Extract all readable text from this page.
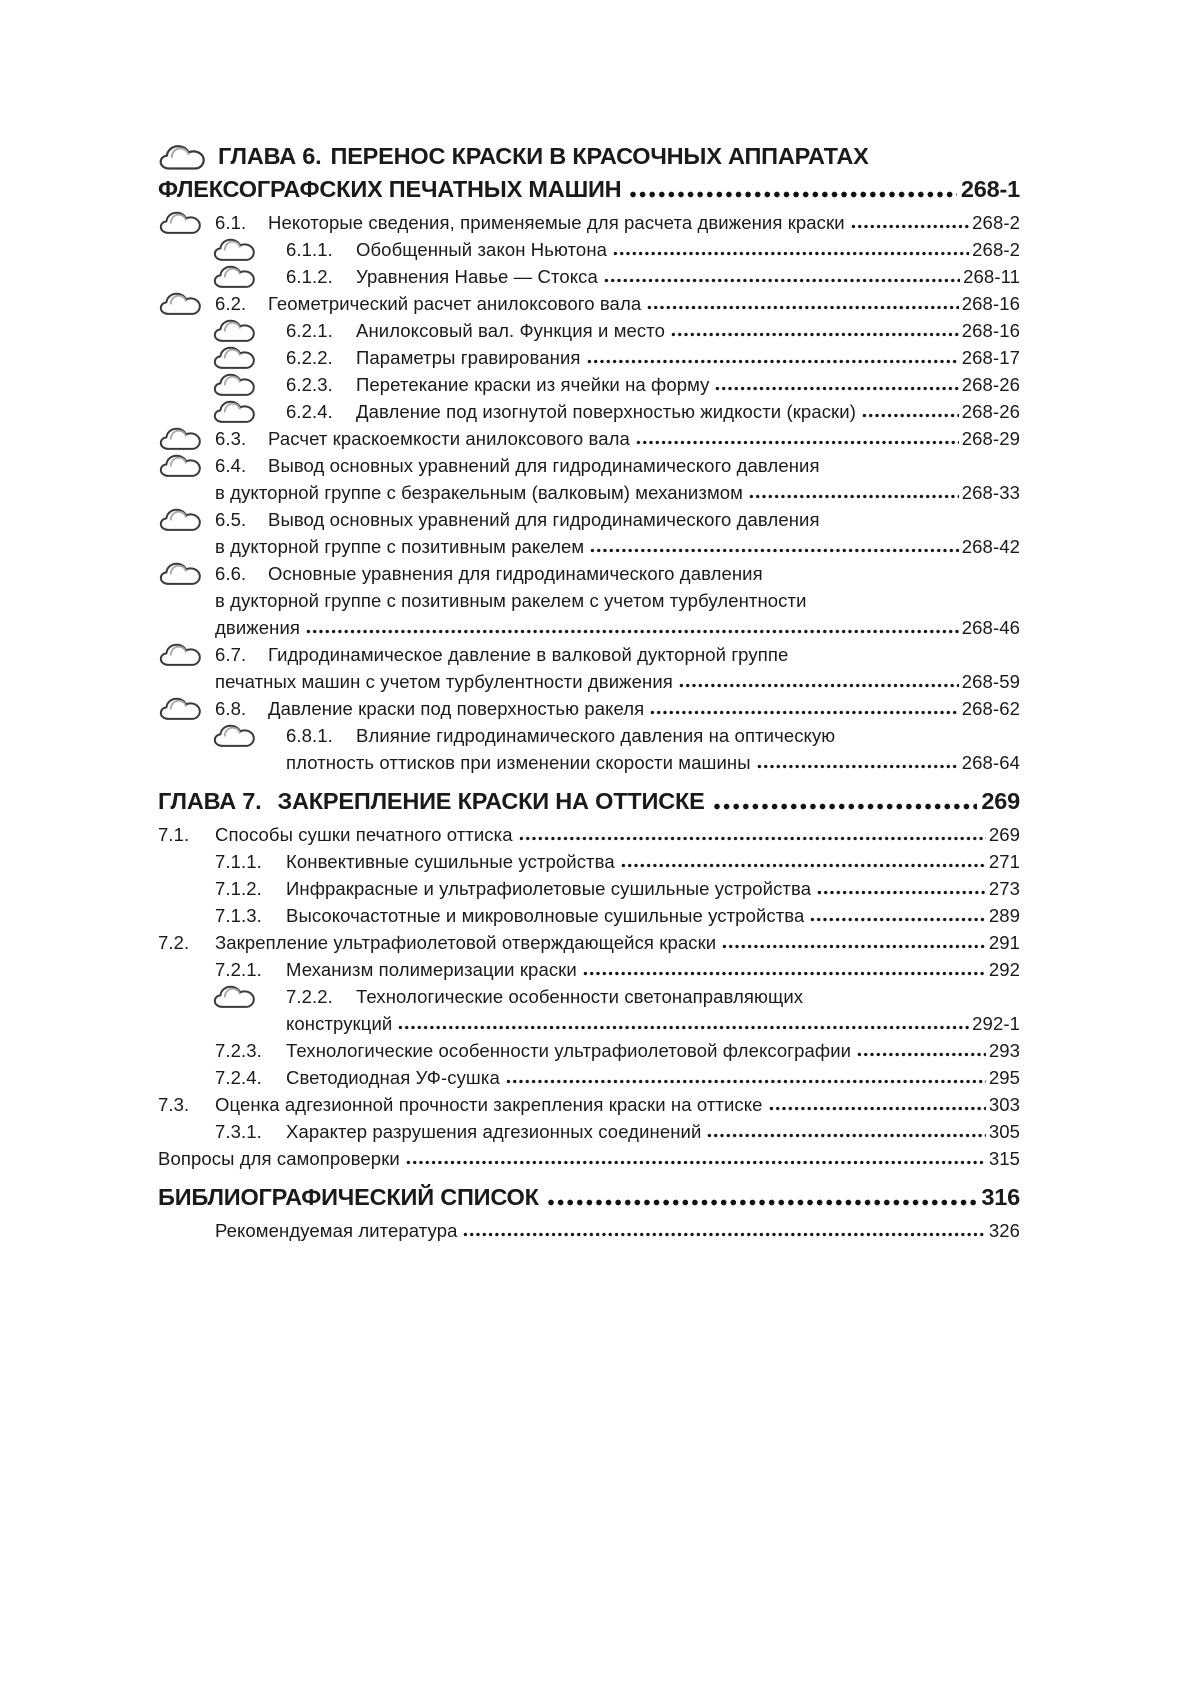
ГЛАВА 6. ПЕРЕНОС КРАСКИ В КРАСОЧНЫХ АППАРАТАХ
ФЛЕКСОГРАФСКИХ ПЕЧАТНЫХ МАШИН	268-1
6.1.	Некоторые сведения, применяемые для расчета движения краски	268-2
6.1.1.	Обобщенный закон Ньютона	268-2
6.1.2.	Уравнения Навье — Стокса	268-11
6.2.	Геометрический расчет анилоксового вала	268-16
6.2.1.	Анилоксовый вал. Функция и место	268-16
6.2.2.	Параметры гравирования	268-17
6.2.3.	Перетекание краски из ячейки на форму	268-26
6.2.4.	Давление под изогнутой поверхностью жидкости (краски)	268-26
6.3.	Расчет краскоемкости анилоксового вала	268-29
6.4.	Вывод основных уравнений для гидродинамического давления
в дукторной группе с безракельным (валковым) механизмом	268-33
6.5.	Вывод основных уравнений для гидродинамического давления
в дукторной группе с позитивным ракелем	268-42
6.6.	Основные уравнения для гидродинамического давления
в дукторной группе с позитивным ракелем с учетом турбулентности
движения	268-46
6.7.	Гидродинамическое давление в валковой дукторной группе
печатных машин с учетом турбулентности движения	268-59
6.8.	Давление краски под поверхностью ракеля	268-62
6.8.1.	Влияние гидродинамического давления на оптическую
плотность оттисков при изменении скорости машины	268-64
ГЛАВА 7. ЗАКРЕПЛЕНИЕ КРАСКИ НА ОТТИСКЕ	269
7.1.	Способы сушки печатного оттиска	269
7.1.1.	Конвективные сушильные устройства	271
7.1.2.	Инфракрасные и ультрафиолетовые сушильные устройства	273
7.1.3.	Высокочастотные и микроволновые сушильные устройства	289
7.2.	Закрепление ультрафиолетовой отверждающейся краски	291
7.2.1.	Механизм полимеризации краски	292
7.2.2.	Технологические особенности светонаправляющих
конструкций	292-1
7.2.3.	Технологические особенности ультрафиолетовой флексографии	293
7.2.4.	Светодиодная УФ-сушка	295
7.3.	Оценка адгезионной прочности закрепления краски на оттиске	303
7.3.1.	Характер разрушения адгезионных соединений	305
Вопросы для самопроверки	315
БИБЛИОГРАФИЧЕСКИЙ СПИСОК	316
Рекомендуемая литература	326
